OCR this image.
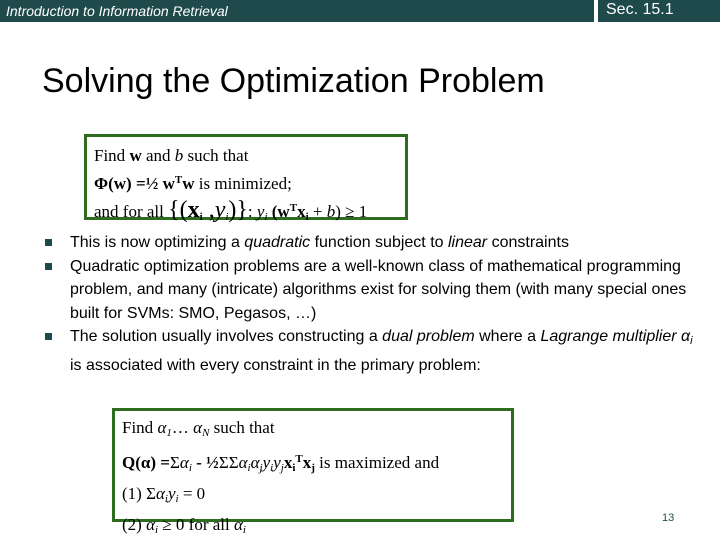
Introduction to Information Retrieval	Sec. 15.1
Solving the Optimization Problem
Find w and b such that
Φ(w) =½ $w^Tw$ is minimized;
and for all {($x_i$ $,y_i$)}: $y_i$ $(w^Tx_i + b) \ge 1$
This is now optimizing a quadratic function subject to linear constraints
Quadratic optimization problems are a well-known class of mathematical programming problem, and many (intricate) algorithms exist for solving them (with many special ones built for SVMs: SMO, Pegasos, …)
The solution usually involves constructing a dual problem where a Lagrange multiplier $\alpha_i$ is associated with every constraint in the primary problem:
Find $\alpha_1\dots$ $\alpha_N$ such that
$Q(\alpha) =\Sigma\alpha_i$ - $\frac{1}{2}\Sigma\Sigma\alpha_i\alpha_jy_iy_jx_i^Tx_j$ is maximized and
(1) $\Sigma\alpha_iy_i = 0$
(2) $\alpha_i \ge 0$ for all $\alpha_i$
13
